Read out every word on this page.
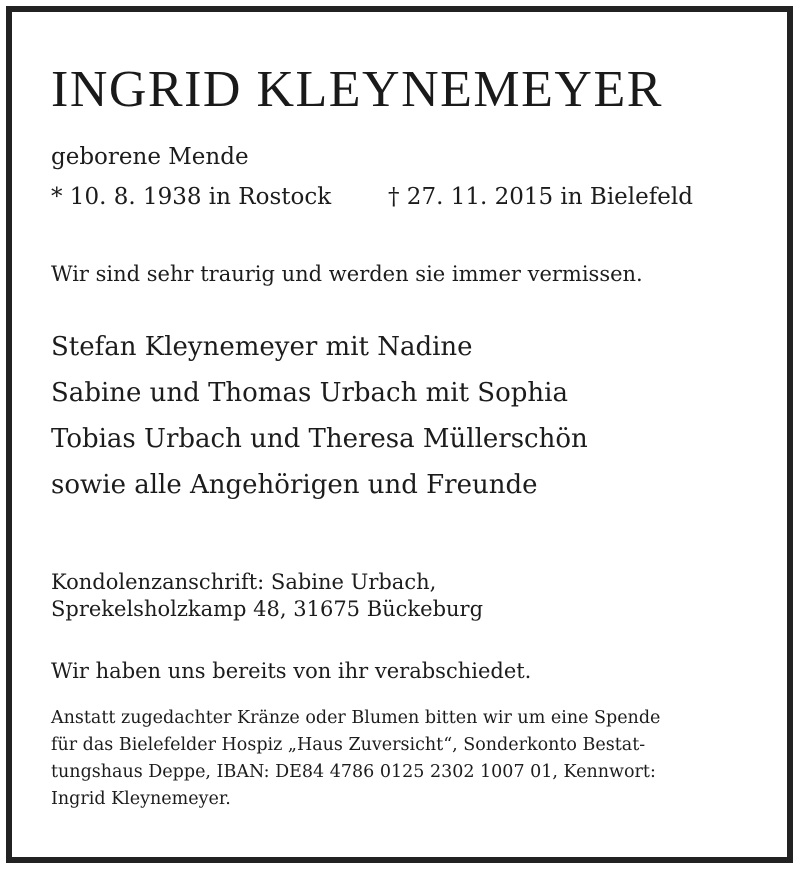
INGRID KLEYNEMEYER
geborene Mende
* 10. 8. 1938 in Rostock † 27. 11. 2015 in Bielefeld
Wir sind sehr traurig und werden sie immer vermissen.
Stefan Kleynemeyer mit Nadine
Sabine und Thomas Urbach mit Sophia
Tobias Urbach und Theresa Müllerschön
sowie alle Angehörigen und Freunde
Kondolenzanschrift: Sabine Urbach,
Sprekelsholzkamp 48, 31675 Bückeburg
Wir haben uns bereits von ihr verabschiedet.
Anstatt zugedachter Kränze oder Blumen bitten wir um eine Spende
für das Bielefelder Hospiz „Haus Zuversicht“, Sonderkonto Bestat-
tungshaus Deppe, IBAN: DE84 4786 0125 2302 1007 01, Kennwort:
Ingrid Kleynemeyer.
